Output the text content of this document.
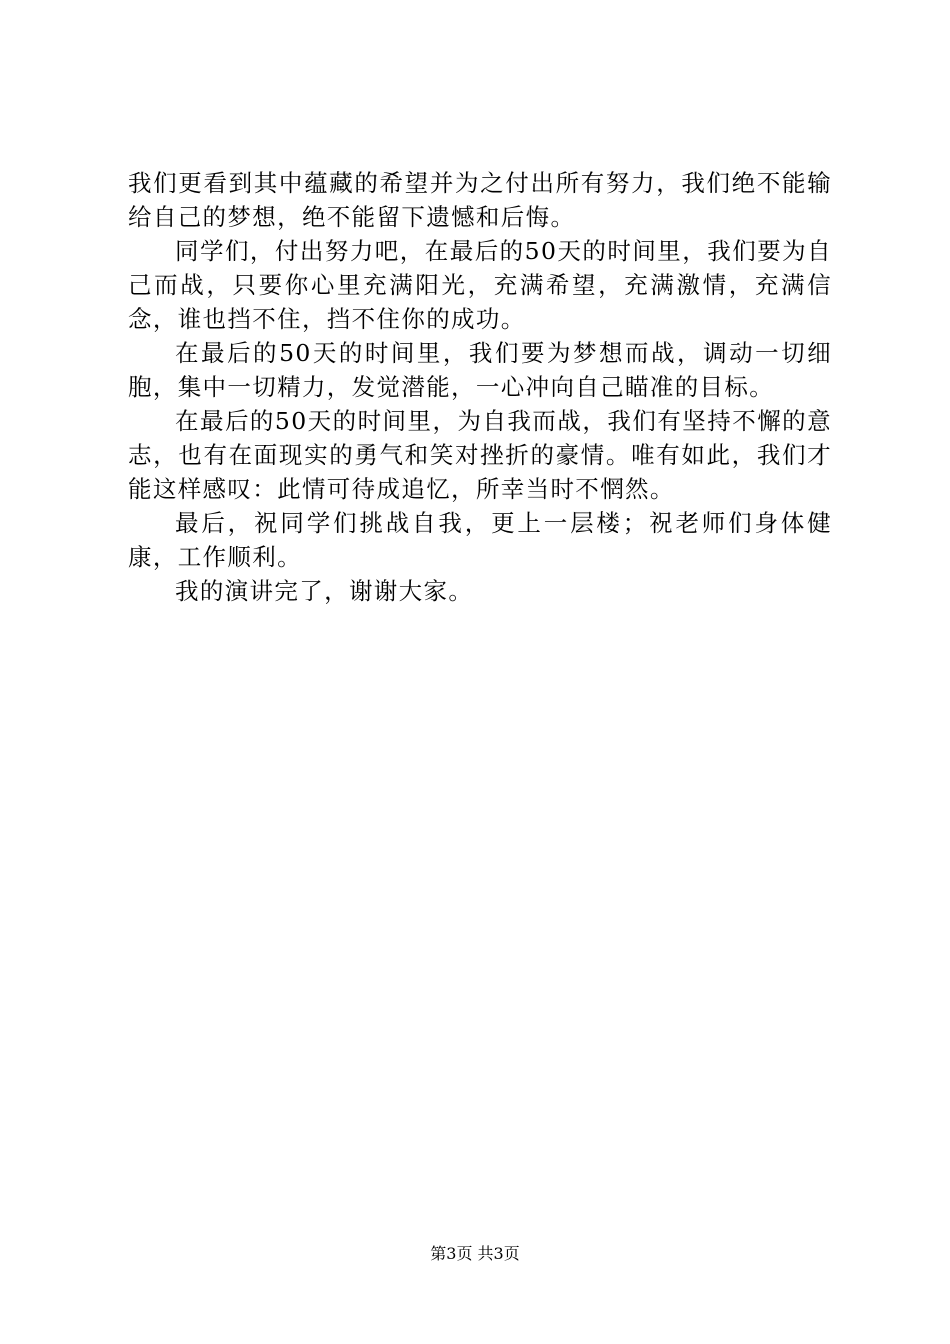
我们更看到其中蕴藏的希望并为之付出所有努力，我们绝不能输给自己的梦想，绝不能留下遗憾和后悔。

同学们，付出努力吧，在最后的50天的时间里，我们要为自己而战，只要你心里充满阳光，充满希望，充满激情，充满信念，谁也挡不住，挡不住你的成功。

在最后的50天的时间里，我们要为梦想而战，调动一切细胞，集中一切精力，发觉潜能，一心冲向自己瞄准的目标。

在最后的50天的时间里，为自我而战，我们有坚持不懈的意志，也有在面现实的勇气和笑对挫折的豪情。唯有如此，我们才能这样感叹：此情可待成追忆，所幸当时不惘然。

最后，祝同学们挑战自我，更上一层楼；祝老师们身体健康，工作顺利。

我的演讲完了，谢谢大家。

第3页 共3页
